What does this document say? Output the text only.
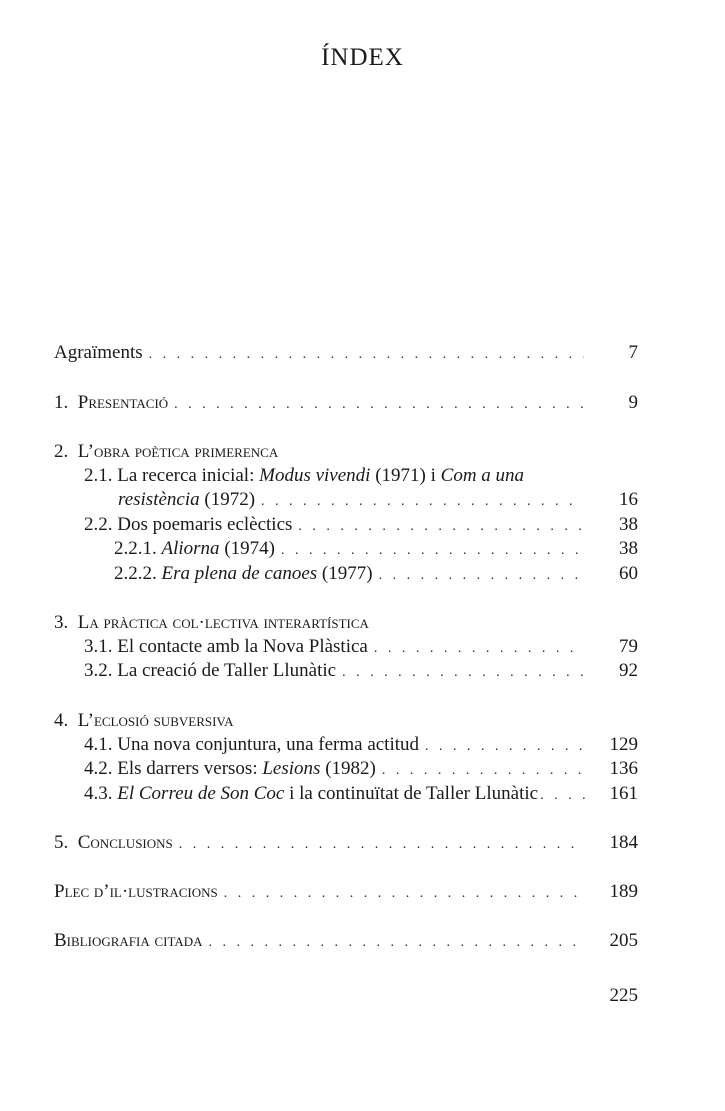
ÍNDEX
Agraïments . . .	7
1. Presentació . . .	9
2. L’obra poètica primerenca
2.1. La recerca inicial: Modus vivendi (1971) i Com a una
resistència (1972) . . .	16
2.2. Dos poemaris eclèctics . . .	38
2.2.1. Aliorna (1974) . . .	38
2.2.2. Era plena de canoes (1977) . . .	60
3. La pràctica col·lectiva interartística
3.1. El contacte amb la Nova Plàstica . . .	79
3.2. La creació de Taller Llunàtic . . .	92
4. L’eclosió subversiva
4.1. Una nova conjuntura, una ferma actitud . . .	129
4.2. Els darrers versos: Lesions (1982) . . .	136
4.3. El Correu de Son Coc i la continuïtat de Taller Llunàtic . . .	161
5. Conclusions . . .	184
Plec d’il·lustracions . . .	189
Bibliografia citada . . .	205
225
